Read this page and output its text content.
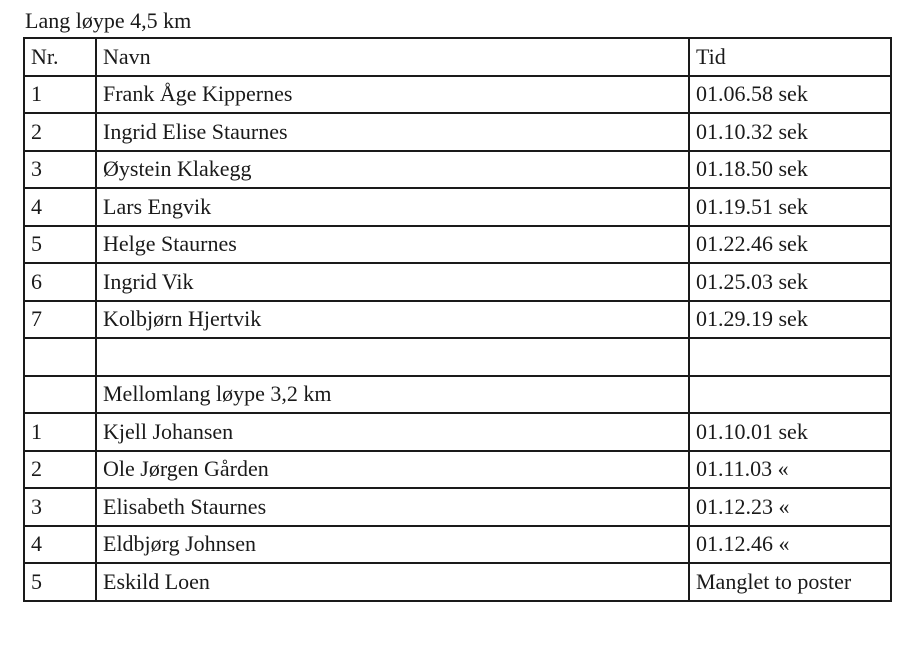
Lang løype 4,5 km
Nr.	Navn	Tid
1	Frank Åge Kippernes	01.06.58 sek
2	Ingrid Elise Staurnes	01.10.32 sek
3	Øystein Klakegg	01.18.50 sek
4	Lars Engvik	01.19.51 sek
5	Helge Staurnes	01.22.46 sek
6	Ingrid Vik	01.25.03 sek
7	Kolbjørn Hjertvik	01.29.19 sek

	Mellomlang løype 3,2 km	
1	Kjell Johansen	01.10.01 sek
2	Ole Jørgen Gården	01.11.03 «
3	Elisabeth Staurnes	01.12.23 «
4	Eldbjørg Johnsen	01.12.46 «
5	Eskild Loen	Manglet to poster
